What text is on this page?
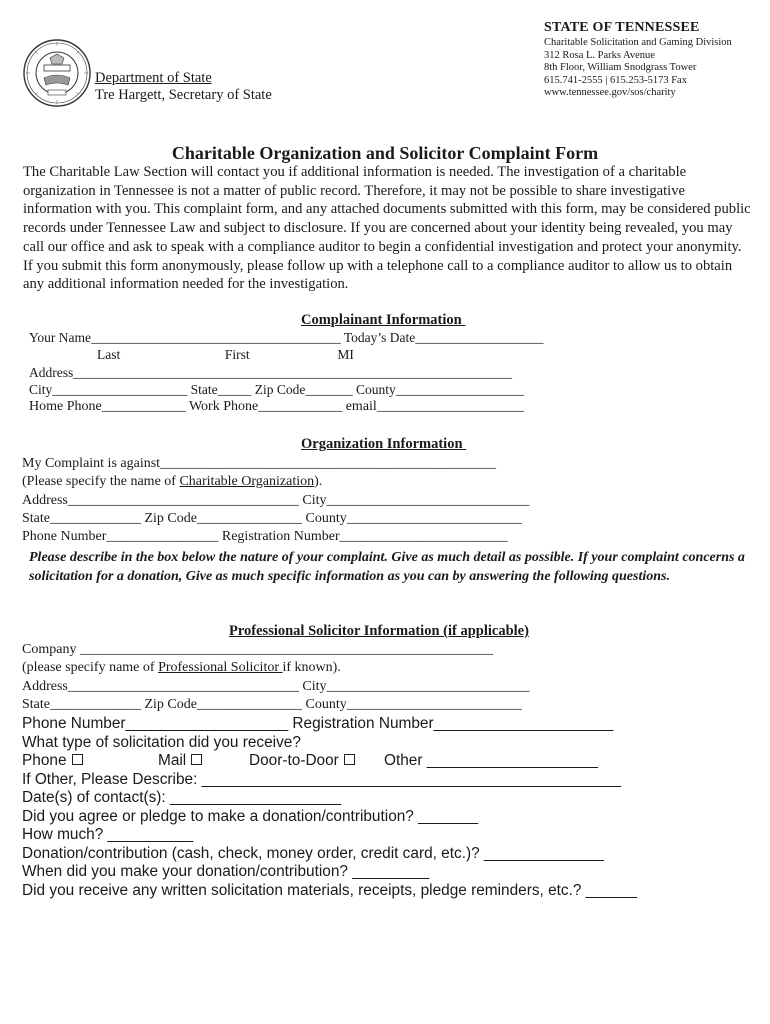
STATE OF TENNESSEE
Charitable Solicitation and Gaming Division
312 Rosa L. Parks Avenue
8th Floor, William Snodgrass Tower
615.741-2555 | 615.253-5173 Fax
www.tennessee.gov/sos/charity
Department of State
Tre Hargett, Secretary of State
Charitable Organization and Solicitor Complaint Form

The Charitable Law Section will contact you if additional information is needed. The investigation of a charitable organization in Tennessee is not a matter of public record. Therefore, it may not be possible to share investigative information with you. This complaint form, and any attached documents submitted with this form, may be considered public records under Tennessee Law and subject to disclosure. If you are concerned about your identity being revealed, you may call our office and ask to speak with a compliance auditor to begin a confidential investigation and protect your anonymity. If you submit this form anonymously, please follow up with a telephone call to a compliance auditor to allow us to obtain any additional information needed for the investigation.

Complainant Information
Your Name_____________________________________ Today’s Date___________________
Last                               First                          MI
Address_________________________________________________________________
City____________________ State_____ Zip Code_______ County___________________
Home Phone____________ Work Phone____________ email_____________________
Organization Information
My Complaint is against________________________________________________
(Please specify the name of Charitable Organization).
Address_________________________________ City_____________________________
State_____________ Zip Code_______________ County_________________________
Phone Number________________ Registration Number________________________
Please describe in the box below the nature of your complaint. Give as much detail as possible. If your complaint concerns a solicitation for a donation, Give as much specific information as you can by answering the following questions.
Professional Solicitor Information (if applicable)
Company ___________________________________________________________
(please specify name of Professional Solicitor if known).
Address_________________________________ City_____________________________
State_____________ Zip Code_______________ County_________________________
Phone Number___________________ Registration Number_____________________
What type of solicitation did you receive?
Phone	Mail	Door-to-Door	Other ____________________
If Other, Please Describe: _________________________________________________
Date(s) of contact(s): ____________________
Did you agree or pledge to make a donation/contribution? _______
How much? __________
Donation/contribution (cash, check, money order, credit card, etc.)? ______________
When did you make your donation/contribution? _________
Did you receive any written solicitation materials, receipts, pledge reminders, etc.? ______
